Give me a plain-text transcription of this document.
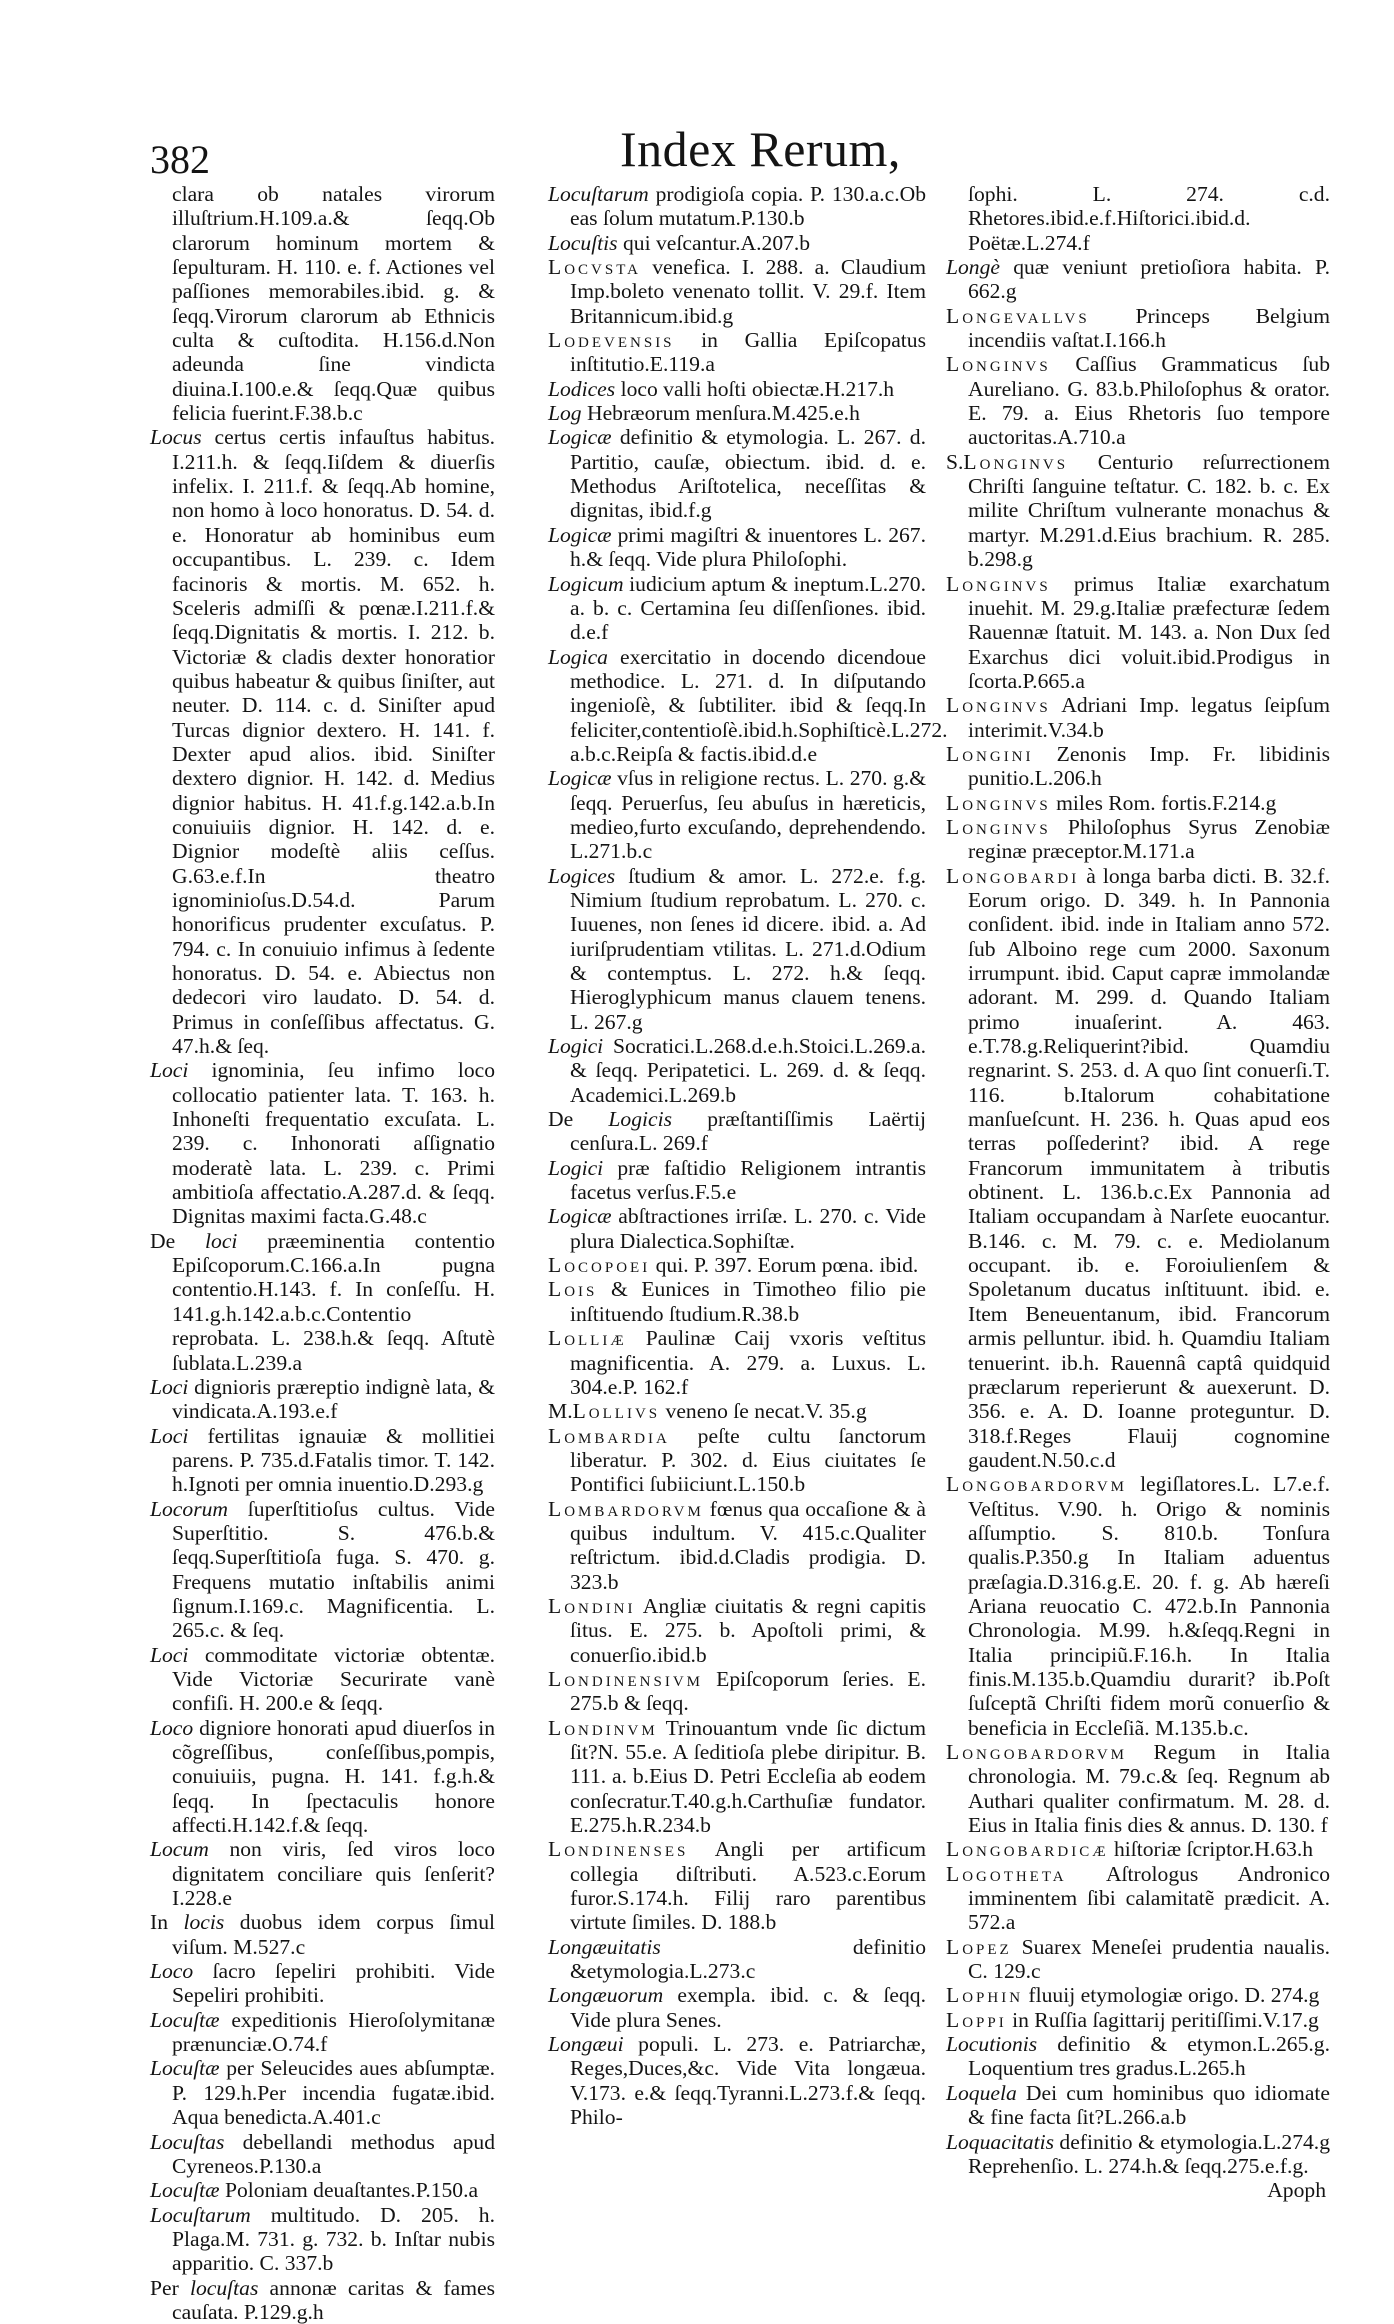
382	Index Rerum,

clara ob natales virorum illuſtrium.H.109.a.& ſeqq.Ob clarorum hominum mortem & ſepulturam. H. 110. e. f. Actiones vel paſſiones memorabiles.ibid. g. & ſeqq.Virorum clarorum ab Ethnicis culta & cuſtodita. H.156.d.Non adeunda ſine vindicta diuina.I.100.e.& ſeqq.Quæ quibus felicia fuerint.F.38.b.c

Locus certus certis infauſtus habitus. I.211.h. & ſeqq.Iiſdem & diuerſis infelix. I. 211.f. & ſeqq.Ab homine, non homo à loco honoratus. D. 54. d. e. Honoratur ab hominibus eum occupantibus. L. 239. c. Idem facinoris & mortis. M. 652. h. Sceleris admiſſi & pœnæ.I.211.f.& ſeqq.Dignitatis & mortis. I. 212. b. Victoriæ & cladis dexter honoratior quibus habeatur & quibus ſiniſter, aut neuter. D. 114. c. d. Siniſter apud Turcas dignior dextero. H. 141. f. Dexter apud alios. ibid. Siniſter dextero dignior. H. 142. d. Medius dignior habitus. H. 41.f.g.142.a.b.In conuiuiis dignior. H. 142. d. e. Dignior modeſtè aliis ceſſus. G.63.e.f.In theatro ignominioſus.D.54.d. Parum honorificus prudenter excuſatus. P. 794. c. In conuiuio infimus à ſedente honoratus. D. 54. e. Abiectus non dedecori viro laudato. D. 54. d. Primus in conſeſſibus affectatus. G. 47.h.& ſeq.

Loci ignominia, ſeu infimo loco collocatio patienter lata. T. 163. h. Inhoneſti frequentatio excuſata. L. 239. c. Inhonorati aſſignatio moderatè lata. L. 239. c. Primi ambitioſa affectatio.A.287.d. & ſeqq. Dignitas maximi facta.G.48.c

De loci præeminentia contentio Epiſcoporum.C.166.a.In pugna contentio.H.143. f. In conſeſſu. H. 141.g.h.142.a.b.c.Contentio reprobata. L. 238.h.& ſeqq. Aſtutè ſublata.L.239.a

Loci dignioris præreptio indignè lata, & vindicata.A.193.e.f

Loci fertilitas ignauiæ & mollitiei parens. P. 735.d.Fatalis timor. T. 142. h.Ignoti per omnia inuentio.D.293.g

Locorum ſuperſtitioſus cultus. Vide Superſtitio. S. 476.b.& ſeqq.Superſtitioſa fuga. S. 470. g. Frequens mutatio inſtabilis animi ſignum.I.169.c. Magnificentia. L. 265.c. & ſeq.

Loci commoditate victoriæ obtentæ. Vide Victoriæ Securirate vanè confiſi. H. 200.e & ſeqq.

Loco digniore honorati apud diuerſos in cõgreſſibus, conſeſſibus,pompis, conuiuiis, pugna. H. 141. f.g.h.& ſeqq. In ſpectaculis honore affecti.H.142.f.& ſeqq.

Locum non viris, ſed viros loco dignitatem conciliare quis ſenſerit?I.228.e

In locis duobus idem corpus ſimul viſum. M.527.c

Loco ſacro ſepeliri prohibiti. Vide Sepeliri prohibiti.

Locuſtæ expeditionis Hieroſolymitanæ prænunciæ.O.74.f

Locuſtæ per Seleucides aues abſumptæ. P. 129.h.Per incendia fugatæ.ibid. Aqua benedicta.A.401.c

Locuſtas debellandi methodus apud Cyreneos.P.130.a

Locuſtæ Poloniam deuaſtantes.P.150.a

Locuſtarum multitudo. D. 205. h. Plaga.M. 731. g. 732. b. Inſtar nubis apparitio. C. 337.b

Per locuſtas annonæ caritas & fames cauſata. P.129.g.h

Locuſtarum prodigioſa copia. P. 130.a.c.Ob eas ſolum mutatum.P.130.b

Locuſtis qui veſcantur.A.207.b

Locvsta venefica. I. 288. a. Claudium Imp.boleto venenato tollit. V. 29.f. Item Britannicum.ibid.g

Lodevensis in Gallia Epiſcopatus inſtitutio.E.119.a

Lodices loco valli hoſti obiectæ.H.217.h

Log Hebræorum menſura.M.425.e.h

Logicæ definitio & etymologia. L. 267. d. Partitio, cauſæ, obiectum. ibid. d. e. Methodus Ariſtotelica, neceſſitas & dignitas, ibid.f.g

Logicæ primi magiſtri & inuentores L. 267. h.& ſeqq. Vide plura Philoſophi.

Logicum iudicium aptum & ineptum.L.270. a. b. c. Certamina ſeu diſſenſiones. ibid. d.e.f

Logica exercitatio in docendo dicendoue methodice. L. 271. d. In diſputando ingenioſè, & ſubtiliter. ibid & ſeqq.In feliciter,contentioſè.ibid.h.Sophiſticè.L.272. a.b.c.Reipſa & factis.ibid.d.e

Logicæ vſus in religione rectus. L. 270. g.& ſeqq. Peruerſus, ſeu abuſus in hæreticis, medieo,furto excuſando, deprehendendo. L.271.b.c

Logices ſtudium & amor. L. 272.e. f.g. Nimium ſtudium reprobatum. L. 270. c. Iuuenes, non ſenes id dicere. ibid. a. Ad iuriſprudentiam vtilitas. L. 271.d.Odium & contemptus. L. 272. h.& ſeqq. Hieroglyphicum manus clauem tenens. L. 267.g

Logici Socratici.L.268.d.e.h.Stoici.L.269.a. & ſeqq. Peripatetici. L. 269. d. & ſeqq. Academici.L.269.b

De Logicis præſtantiſſimis Laërtij cenſura.L. 269.f

Logici præ faſtidio Religionem intrantis facetus verſus.F.5.e

Logicæ abſtractiones irriſæ. L. 270. c. Vide plura Dialectica.Sophiſtæ.

Locopoei qui. P. 397. Eorum pœna. ibid.

Lois & Eunices in Timotheo filio pie inſtituendo ſtudium.R.38.b

Lolliæ Paulinæ Caij vxoris veſtitus magnificentia. A. 279. a. Luxus. L. 304.e.P. 162.f

M.Lollivs veneno ſe necat.V. 35.g

Lombardia peſte cultu ſanctorum liberatur. P. 302. d. Eius ciuitates ſe Pontifici ſubiiciunt.L.150.b

Lombardorvm fœnus qua occaſione & à quibus indultum. V. 415.c.Qualiter reſtrictum. ibid.d.Cladis prodigia. D. 323.b

Londini Angliæ ciuitatis & regni capitis ſitus. E. 275. b. Apoſtoli primi, & conuerſio.ibid.b

Londinensivm Epiſcoporum ſeries. E. 275.b & ſeqq.

Londinvm Trinouantum vnde ſic dictum ſit?N. 55.e. A ſeditioſa plebe diripitur. B. 111. a. b.Eius D. Petri Eccleſia ab eodem conſecratur.T.40.g.h.Carthuſiæ fundator. E.275.h.R.234.b

Londinenses Angli per artificum collegia diſtributi. A.523.c.Eorum furor.S.174.h. Filij raro parentibus virtute ſimiles. D. 188.b

Longæuitatis definitio &etymologia.L.273.c

Longæuorum exempla. ibid. c. & ſeqq. Vide plura Senes.

Longæui populi. L. 273. e. Patriarchæ, Reges,Duces,&c. Vide Vita longæua. V.173. e.& ſeqq.Tyranni.L.273.f.& ſeqq. Philo-

ſophi. L. 274. c.d. Rhetores.ibid.e.f.Hiſtorici.ibid.d. Poëtæ.L.274.f

Longè quæ veniunt pretioſiora habita. P. 662.g

Longevallvs Princeps Belgium incendiis vaſtat.I.166.h

Longinvs Caſſius Grammaticus ſub Aureliano. G. 83.b.Philoſophus & orator. E. 79. a. Eius Rhetoris ſuo tempore auctoritas.A.710.a

S.Longinvs Centurio reſurrectionem Chriſti ſanguine teſtatur. C. 182. b. c. Ex milite Chriſtum vulnerante monachus & martyr. M.291.d.Eius brachium. R. 285. b.298.g

Longinvs primus Italiæ exarchatum inuehit. M. 29.g.Italiæ præfecturæ ſedem Rauennæ ſtatuit. M. 143. a. Non Dux ſed Exarchus dici voluit.ibid.Prodigus in ſcorta.P.665.a

Longinvs Adriani Imp. legatus ſeipſum interimit.V.34.b

Longini Zenonis Imp. Fr. libidinis punitio.L.206.h

Longinvs miles Rom. fortis.F.214.g

Longinvs Philoſophus Syrus Zenobiæ reginæ præceptor.M.171.a

Longobardi à longa barba dicti. B. 32.f. Eorum origo. D. 349. h. In Pannonia conſident. ibid. inde in Italiam anno 572. ſub Alboino rege cum 2000. Saxonum irrumpunt. ibid. Caput capræ immolandæ adorant. M. 299. d. Quando Italiam primo inuaſerint. A. 463. e.T.78.g.Reliquerint?ibid. Quamdiu regnarint. S. 253. d. A quo ſint conuerſi.T. 116. b.Italorum cohabitatione manſueſcunt. H. 236. h. Quas apud eos terras poſſederint? ibid. A rege Francorum immunitatem à tributis obtinent. L. 136.b.c.Ex Pannonia ad Italiam occupandam à Narſete euocantur. B.146. c. M. 79. c. e. Mediolanum occupant. ib. e. Foroiulienſem & Spoletanum ducatus inſtituunt. ibid. e. Item Beneuentanum, ibid. Francorum armis pelluntur. ibid. h. Quamdiu Italiam tenuerint. ib.h. Rauennâ captâ quidquid præclarum reperierunt & auexerunt. D. 356. e. A. D. Ioanne proteguntur. D. 318.f.Reges Flauij cognomine gaudent.N.50.c.d

Longobardorvm legiſlatores.L. L7.e.f. Veſtitus. V.90. h. Origo & nominis aſſumptio. S. 810.b. Tonſura qualis.P.350.g In Italiam aduentus præſagia.D.316.g.E. 20. f. g. Ab hæreſi Ariana reuocatio C. 472.b.In Pannonia Chronologia. M.99. h.&ſeqq.Regni in Italia principiũ.F.16.h. In Italia finis.M.135.b.Quamdiu durarit? ib.Poſt ſuſceptã Chriſti fidem morũ conuerſio & beneficia in Eccleſiã. M.135.b.c.

Longobardorvm Regum in Italia chronologia. M. 79.c.& ſeq. Regnum ab Authari qualiter confirmatum. M. 28. d. Eius in Italia finis dies & annus. D. 130. f

Longobardicæ hiſtoriæ ſcriptor.H.63.h

Logotheta Aſtrologus Andronico imminentem ſibi calamitatẽ prædicit. A. 572.a

Lopez Suarex Meneſei prudentia naualis. C. 129.c

Lophin fluuij etymologiæ origo. D. 274.g

Loppi in Ruſſia ſagittarij peritiſſimi.V.17.g

Locutionis definitio & etymon.L.265.g. Loquentium tres gradus.L.265.h

Loquela Dei cum hominibus quo idiomate & fine facta ſit?L.266.a.b

Loquacitatis definitio & etymologia.L.274.g Reprehenſio. L. 274.h.& ſeqq.275.e.f.g.

Apoph
